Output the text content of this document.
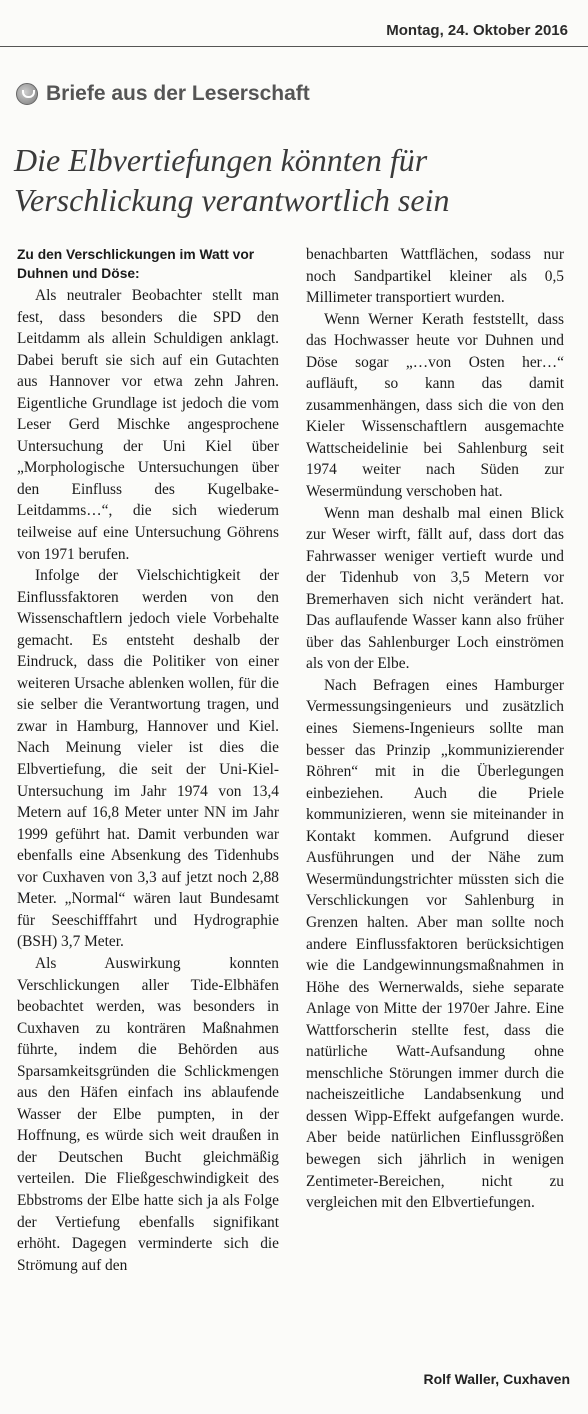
Montag, 24. Oktober 2016
Briefe aus der Leserschaft
Die Elbvertiefungen könnten für
Verschlickung verantwortlich sein
Zu den Verschlickungen im Watt vor Duhnen und Döse:

Als neutraler Beobachter stellt man fest, dass besonders die SPD den Leitdamm als allein Schuldigen anklagt. Dabei beruft sie sich auf ein Gutachten aus Hannover vor etwa zehn Jahren. Eigentliche Grundlage ist jedoch die vom Leser Gerd Mischke angesprochene Untersuchung der Uni Kiel über „Morphologische Untersuchungen über den Einfluss des Kugelbake-Leitdamms…“, die sich wiederum teilweise auf eine Untersuchung Göhrens von 1971 berufen.

Infolge der Vielschichtigkeit der Einflussfaktoren werden von den Wissenschaftlern jedoch viele Vorbehalte gemacht. Es entsteht deshalb der Eindruck, dass die Politiker von einer weiteren Ursache ablenken wollen, für die sie selber die Verantwortung tragen, und zwar in Hamburg, Hannover und Kiel. Nach Meinung vieler ist dies die Elbvertiefung, die seit der Uni-Kiel-Untersuchung im Jahr 1974 von 13,4 Metern auf 16,8 Meter unter NN im Jahr 1999 geführt hat. Damit verbunden war ebenfalls eine Absenkung des Tidenhubs vor Cuxhaven von 3,3 auf jetzt noch 2,88 Meter. „Normal“ wären laut Bundesamt für Seeschifffahrt und Hydrographie (BSH) 3,7 Meter.

Als Auswirkung konnten Verschlickungen aller Tide-Elbhäfen beobachtet werden, was besonders in Cuxhaven zu konträren Maßnahmen führte, indem die Behörden aus Sparsamkeitsgründen die Schlickmengen aus den Häfen einfach ins ablaufende Wasser der Elbe pumpten, in der Hoffnung, es würde sich weit draußen in der Deutschen Bucht gleichmäßig verteilen. Die Fließgeschwindigkeit des Ebbstroms der Elbe hatte sich ja als Folge der Vertiefung ebenfalls signifikant erhöht. Dagegen verminderte sich die Strömung auf den

benachbarten Wattflächen, sodass nur noch Sandpartikel kleiner als 0,5 Millimeter transportiert wurden.

Wenn Werner Kerath feststellt, dass das Hochwasser heute vor Duhnen und Döse sogar „…von Osten her…“ aufläuft, so kann das damit zusammenhängen, dass sich die von den Kieler Wissenschaftlern ausgemachte Wattscheidelinie bei Sahlenburg seit 1974 weiter nach Süden zur Wesermündung verschoben hat.

Wenn man deshalb mal einen Blick zur Weser wirft, fällt auf, dass dort das Fahrwasser weniger vertieft wurde und der Tidenhub von 3,5 Metern vor Bremerhaven sich nicht verändert hat. Das auflaufende Wasser kann also früher über das Sahlenburger Loch einströmen als von der Elbe.

Nach Befragen eines Hamburger Vermessungsingenieurs und zusätzlich eines Siemens-Ingenieurs sollte man besser das Prinzip „kommunizierender Röhren“ mit in die Überlegungen einbeziehen. Auch die Priele kommunizieren, wenn sie miteinander in Kontakt kommen. Aufgrund dieser Ausführungen und der Nähe zum Wesermündungstrichter müssten sich die Verschlickungen vor Sahlenburg in Grenzen halten. Aber man sollte noch andere Einflussfaktoren berücksichtigen wie die Landgewinnungsmaßnahmen in Höhe des Wernerwalds, siehe separate Anlage von Mitte der 1970er Jahre. Eine Wattforscherin stellte fest, dass die natürliche Watt-Aufsandung ohne menschliche Störungen immer durch die nacheiszeitliche Landabsenkung und dessen Wipp-Effekt aufgefangen wurde. Aber beide natürlichen Einflussgrößen bewegen sich jährlich in wenigen Zentimeter-Bereichen, nicht zu vergleichen mit den Elbvertiefungen.

Rolf Waller, Cuxhaven
